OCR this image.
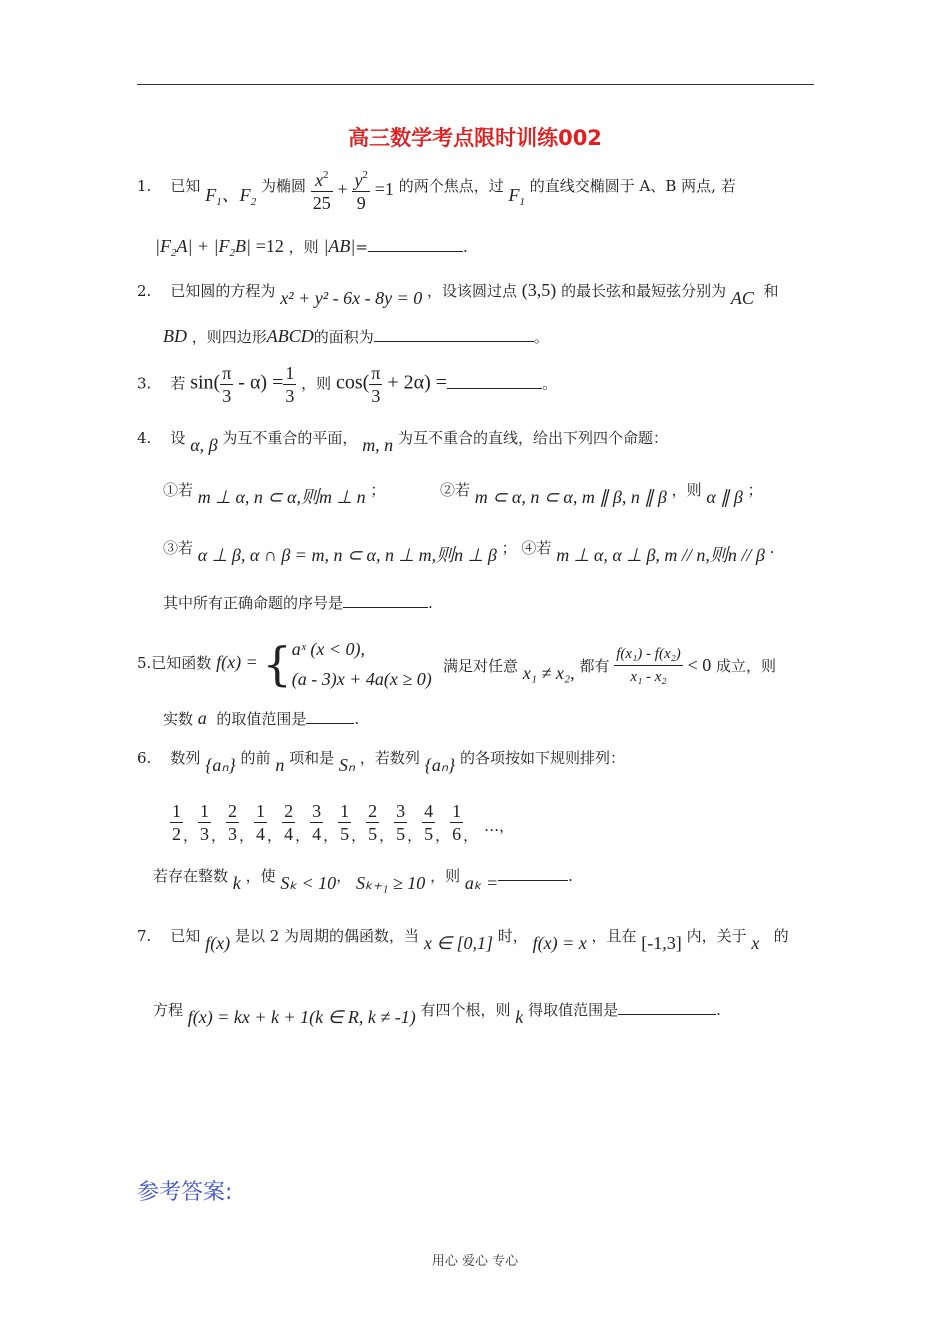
高三数学考点限时训练002
1. 已知 $F_1$、$F_2$ 为椭圆 $\frac{x^2}{25} + \frac{y^2}{9} =1$ 的两个焦点，过 $F_1$ 的直线交椭圆于 A、B 两点, 若
$|F_2A| + |F_2B| =12$ ，则 |AB|=	.
2. 已知圆的方程为 x² + y² - 6x - 8y = 0 ，设该圆过点 (3,5) 的最长弦和最短弦分别为 AC 和
BD ，则四边形ABCD的面积为	。
3. 若 $\sin( \frac{\pi}{3} - \alpha) = \frac{1}{3}$ ，则 $\cos( \frac{\pi}{3} + 2\alpha)$ =	。
4. 设 α, β 为互不重合的平面， m, n 为互不重合的直线，给出下列四个命题：
①若 m ⊥ α, n ⊂ α,则m ⊥ n ；	②若 m ⊂ α, n ⊂ α, m ∥ β, n ∥ β ，则 α ∥ β ；
③若 α ⊥ β, α ∩ β = m, n ⊂ α, n ⊥ m,则n ⊥ β ； ④若 m ⊥ α, α ⊥ β, m // n,则n // β .
其中所有正确命题的序号是	.
5.已知函数 f(x) = {aˣ (x < 0),
(a - 3)x + 4a(x ≥ 0)
满足对任意 x₁ ≠ x₂, 都有 $\frac{\text{f(x₁) - f(x₂)}}{\text{x₁ - x₂}} < 0$ 成立，则
实数 a 的取值范围是	.
6. 数列 {aₙ} 的前 n 项和是 Sₙ ，若数列 {aₙ} 的各项按如下规则排列：
$\frac{1}{2}$ ， $\frac{1}{3}$ ， $\frac{2}{3}$ ， $\frac{1}{4}$ ， $\frac{2}{4}$ ， $\frac{3}{4}$ ， $\frac{1}{5}$ ， $\frac{2}{5}$ ， $\frac{3}{5}$ ， $\frac{4}{5}$ ， $\frac{1}{6}$ ，…，
若存在整数 k ，使 Sₖ < 10， Sₖ₊₁ ≥ 10 ，则 aₖ =	.
7. 已知 f(x) 是以 2 为周期的偶函数，当 x ∈ [0,1] 时， f(x) = x ，且在 [-1,3] 内，关于 x 的
方程 f(x) = kx + k + 1(k ∈ R, k ≠ -1) 有四个根，则 k 得取值范围是	.
参考答案:
用心 爱心 专心
